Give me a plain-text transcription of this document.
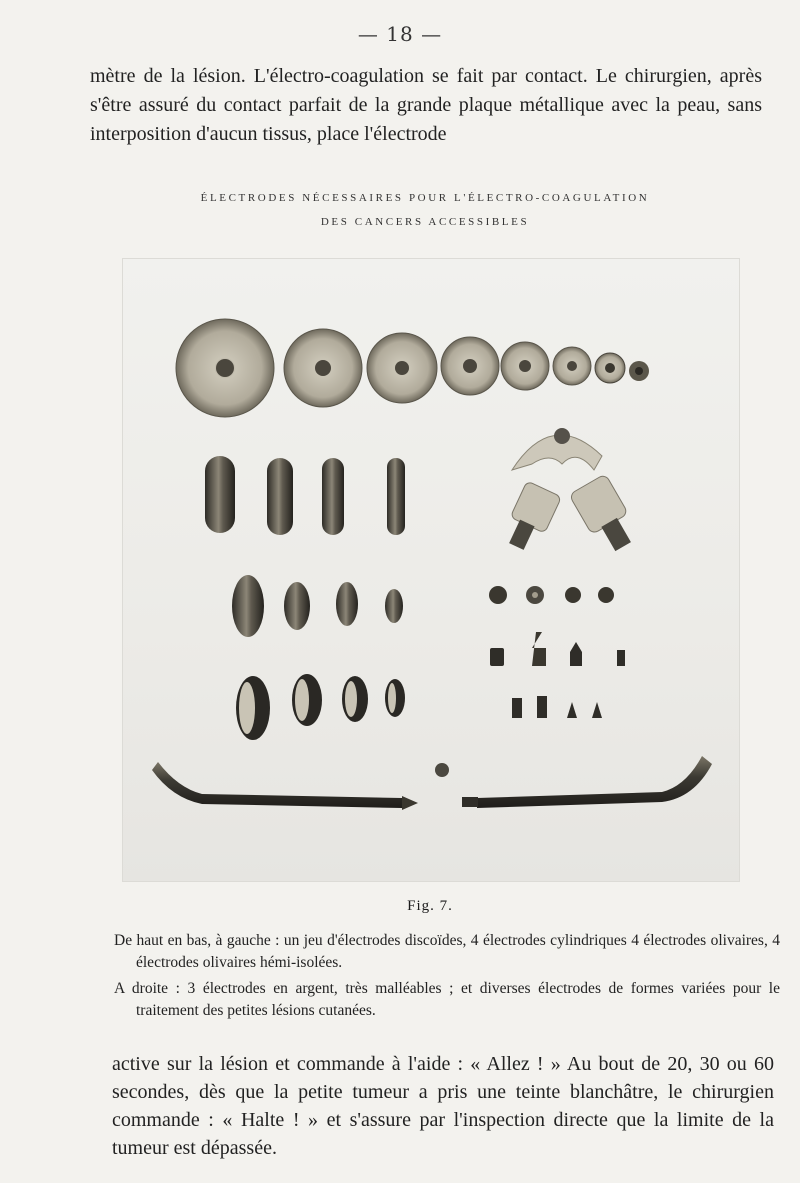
— 18 —
mètre de la lésion. L'électro-coagulation se fait par contact. Le chirurgien, après s'être assuré du contact parfait de la grande plaque métallique avec la peau, sans interposition d'aucun tissus, place l'électrode
ÉLECTRODES NÉCESSAIRES POUR L'ÉLECTRO-COAGULATION
DES CANCERS ACCESSIBLES
Fig. 7.

De haut en bas, à gauche : un jeu d'électrodes discoïdes, 4 électrodes cylindriques 4 électrodes olivaires, 4 électrodes olivaires hémi-isolées.

A droite : 3 électrodes en argent, très malléables ; et diverses électrodes de formes variées pour le traitement des petites lésions cutanées.

active sur la lésion et commande à l'aide : « Allez ! » Au bout de 20, 30 ou 60 secondes, dès que la petite tumeur a pris une teinte blanchâtre, le chirurgien commande : « Halte ! » et s'assure par l'inspection directe que la limite de la tumeur est dépassée.
